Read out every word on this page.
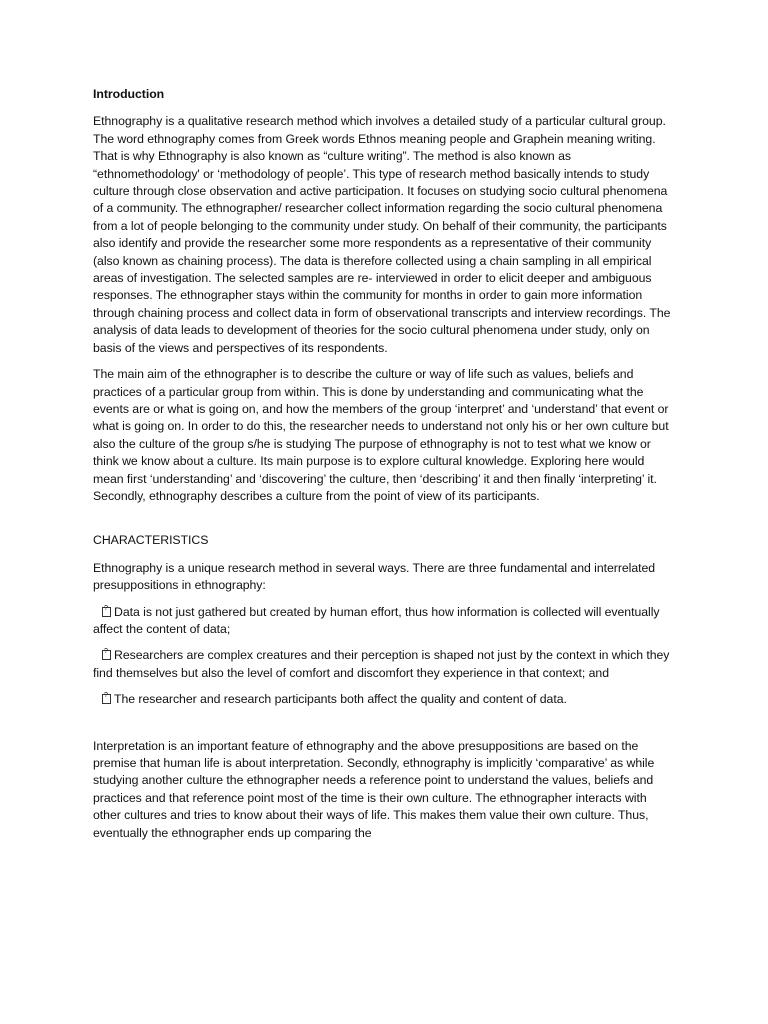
Introduction

Ethnography is a qualitative research method which involves a detailed study of a particular cultural group. The word ethnography comes from Greek words Ethnos meaning people and Graphein meaning writing. That is why Ethnography is also known as “culture writing”. The method is also known as “ethnomethodology' or ‘methodology of people’. This type of research method basically intends to study culture through close observation and active participation. It focuses on studying socio cultural phenomena of a community. The ethnographer/ researcher collect information regarding the socio cultural phenomena from a lot of people belonging to the community under study. On behalf of their community, the participants also identify and provide the researcher some more respondents as a representative of their community (also known as chaining process). The data is therefore collected using a chain sampling in all empirical areas of investigation. The selected samples are re- interviewed in order to elicit deeper and ambiguous responses. The ethnographer stays within the community for months in order to gain more information through chaining process and collect data in form of observational transcripts and interview recordings. The analysis of data leads to development of theories for the socio cultural phenomena under study, only on basis of the views and perspectives of its respondents.

The main aim of the ethnographer is to describe the culture or way of life such as values, beliefs and practices of a particular group from within. This is done by understanding and communicating what the events are or what is going on, and how the members of the group ‘interpret’ and ‘understand’ that event or what is going on. In order to do this, the researcher needs to understand not only his or her own culture but also the culture of the group s/he is studying The purpose of ethnography is not to test what we know or think we know about a culture. Its main purpose is to explore cultural knowledge. Exploring here would mean first ‘understanding’ and ‘discovering’ the culture, then ‘describing’ it and then finally ‘interpreting’ it. Secondly, ethnography describes a culture from the point of view of its participants.

CHARACTERISTICS

Ethnography is a unique research method in several ways. There are three fundamental and interrelated presuppositions in ethnography:

?Data is not just gathered but created by human effort, thus how information is collected will eventually affect the content of data;

?Researchers are complex creatures and their perception is shaped not just by the context in which they find themselves but also the level of comfort and discomfort they experience in that context; and

?The researcher and research participants both affect the quality and content of data.

Interpretation is an important feature of ethnography and the above presuppositions are based on the premise that human life is about interpretation. Secondly, ethnography is implicitly ‘comparative’ as while studying another culture the ethnographer needs a reference point to understand the values, beliefs and practices and that reference point most of the time is their own culture. The ethnographer interacts with other cultures and tries to know about their ways of life. This makes them value their own culture. Thus, eventually the ethnographer ends up comparing the
